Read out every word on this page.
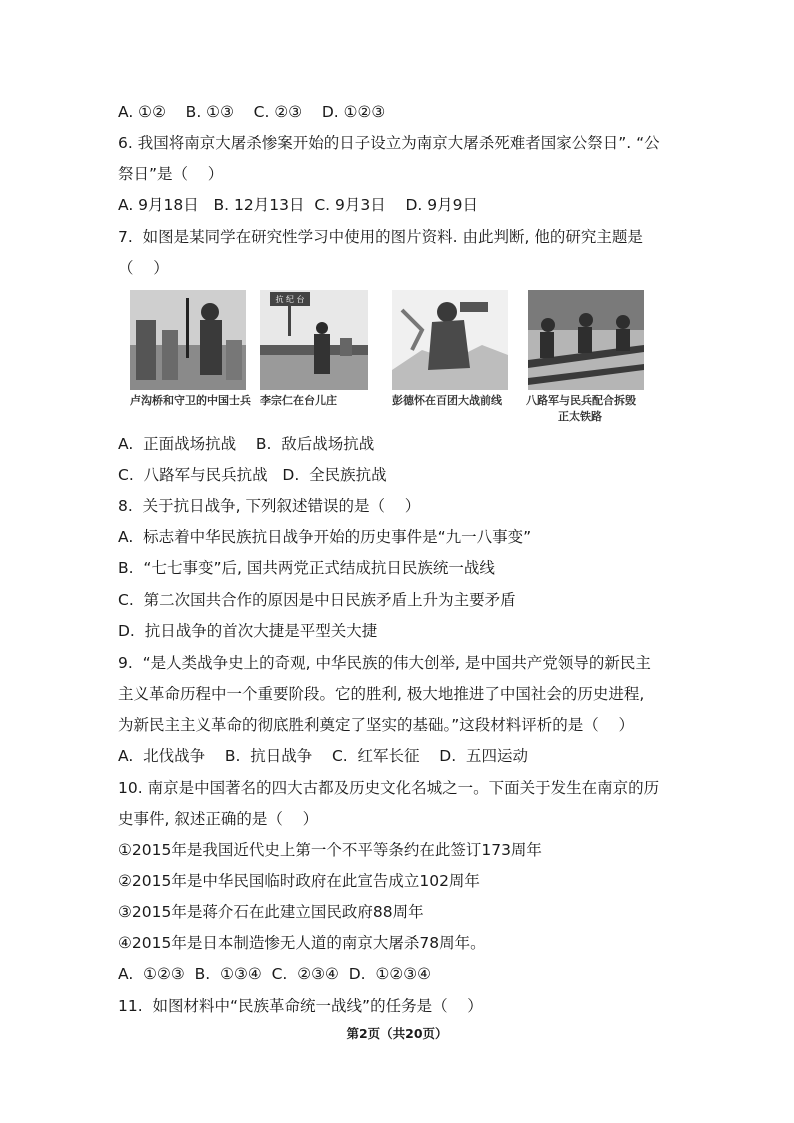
A. ①②    B. ①③    C. ②③    D. ①②③
6. 我国将南京大屠杀惨案开始的日子设立为南京大屠杀死难者国家公祭日”. “公
祭日”是（    ）
A. 9月18日   B. 12月13日  C. 9月3日    D. 9月9日
7.  如图是某同学在研究性学习中使用的图片资料. 由此判断, 他的研究主题是
（    ）
卢沟桥和守卫的中国士兵
抗 纪 台
李宗仁在台儿庄	彭德怀在百团大战前线 八路军与民兵配合拆毁
正太铁路
A.  正面战场抗战    B.  敌后战场抗战
C.  八路军与民兵抗战   D.  全民族抗战
8.  关于抗日战争, 下列叙述错误的是（    ）
A.  标志着中华民族抗日战争开始的历史事件是“九一八事变”
B.  “七七事变”后, 国共两党正式结成抗日民族统一战线
C.  第二次国共合作的原因是中日民族矛盾上升为主要矛盾
D.  抗日战争的首次大捷是平型关大捷
9.  “是人类战争史上的奇观, 中华民族的伟大创举, 是中国共产党领导的新民主
主义革命历程中一个重要阶段。它的胜利, 极大地推进了中国社会的历史进程,
为新民主主义革命的彻底胜利奠定了坚实的基础。”这段材料评析的是（    ）
A.  北伐战争    B.  抗日战争    C.  红军长征    D.  五四运动
10. 南京是中国著名的四大古都及历史文化名城之一。下面关于发生在南京的历
史事件, 叙述正确的是（    ）
①2015年是我国近代史上第一个不平等条约在此签订173周年
②2015年是中华民国临时政府在此宣告成立102周年
③2015年是蒋介石在此建立国民政府88周年
④2015年是日本制造惨无人道的南京大屠杀78周年。
A.  ①②③  B.  ①③④  C.  ②③④  D.  ①②③④
11.  如图材料中“民族革命统一战线”的任务是（    ）
第2页（共20页）
